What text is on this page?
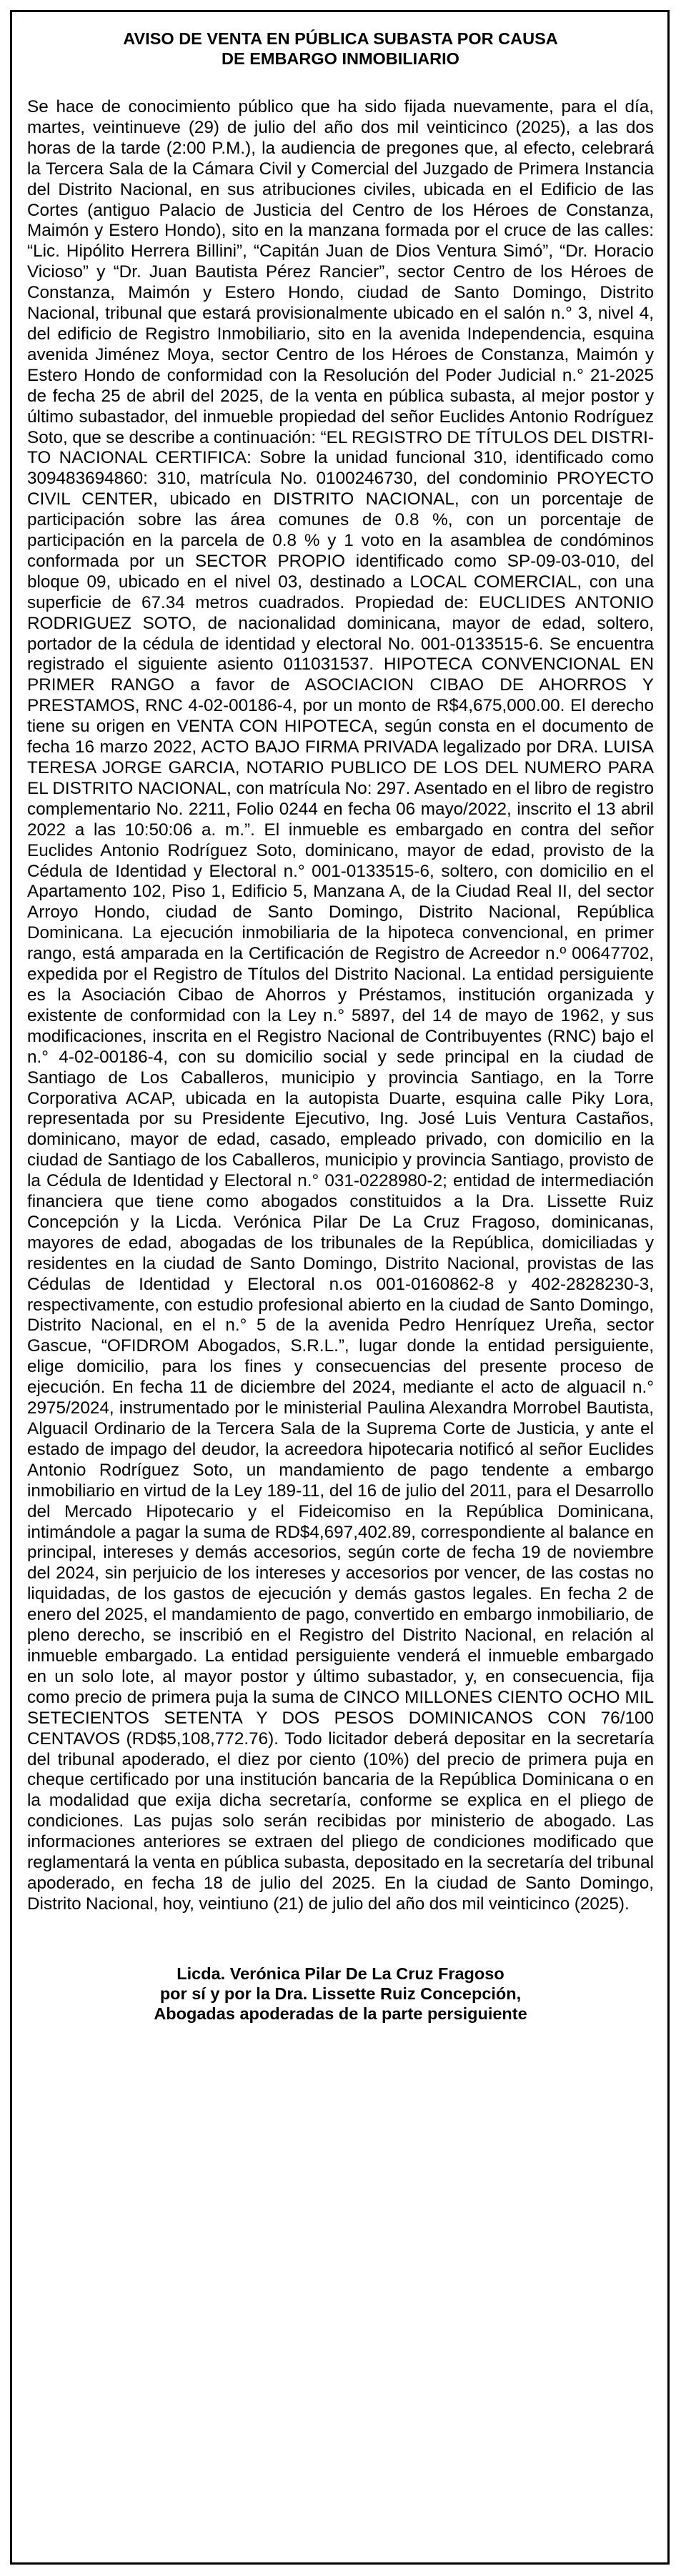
AVISO DE VENTA EN PÚBLICA SUBASTA POR CAUSA
DE EMBARGO INMOBILIARIO

Se hace de conocimiento público que ha sido fijada nuevamente, para el día, martes, veintinueve (29) de julio del año dos mil veinticinco (2025), a las dos horas de la tarde (2:00 P.M.), la audiencia de pregones que, al efecto, celebrará la Tercera Sala de la Cámara Civil y Comercial del Juzgado de Primera Instancia del Distrito Nacional, en sus atribuciones civiles, ubicada en el Edificio de las Cortes (antiguo Palacio de Justicia del Centro de los Héroes de Constanza, Maimón y Estero Hondo), sito en la manzana formada por el cruce de las calles: “Lic. Hipólito Herrera Billini”, “Capitán Juan de Dios Ventura Simó”, “Dr. Horacio Vicioso” y “Dr. Juan Bautista Pérez Rancier”, sector Centro de los Héroes de Constanza, Maimón y Estero Hondo, ciudad de Santo Domingo, Distrito Nacional, tribunal que estará provisionalmente ubicado en el salón n.° 3, nivel 4, del edificio de Registro Inmobiliario, sito en la avenida Independencia, esquina avenida Jiménez Moya, sector Centro de los Héroes de Constanza, Maimón y Estero Hondo de conformidad con la Resolución del Poder Judicial n.° 21-2025 de fecha 25 de abril del 2025, de la venta en pública subasta, al mejor postor y último subastador, del inmueble propiedad del señor Euclides Antonio Rodríguez Soto, que se describe a continuación: “EL REGISTRO DE TÍTULOS DEL DISTRITO NACIONAL CERTIFICA: Sobre la unidad funcional 310, identificado como 309483694860: 310, matrícula No. 0100246730, del condominio PROYECTO CIVIL CENTER, ubicado en DISTRITO NACIONAL, con un porcentaje de participación sobre las área comunes de 0.8 %, con un porcentaje de participación en la parcela de 0.8 % y 1 voto en la asamblea de condóminos conformada por un SECTOR PROPIO identificado como SP-09-03-010, del bloque 09, ubicado en el nivel 03, destinado a LOCAL COMERCIAL, con una superficie de 67.34 metros cuadrados. Propiedad de: EUCLIDES ANTONIO RODRIGUEZ SOTO, de nacionalidad dominicana, mayor de edad, soltero, portador de la cédula de identidad y electoral No. 001-0133515-6. Se encuentra registrado el siguiente asiento 011031537. HIPOTECA CONVENCIONAL EN PRIMER RANGO a favor de ASOCIACION CIBAO DE AHORROS Y PRESTAMOS, RNC 4-02-00186-4, por un monto de R$4,675,000.00. El derecho tiene su origen en VENTA CON HIPOTECA, según consta en el documento de fecha 16 marzo 2022, ACTO BAJO FIRMA PRIVADA legalizado por DRA. LUISA TERESA JORGE GARCIA, NOTARIO PUBLICO DE LOS DEL NUMERO PARA EL DISTRITO NACIONAL, con matrícula No: 297. Asentado en el libro de registro complementario No. 2211, Folio 0244 en fecha 06 mayo/2022, inscrito el 13 abril 2022 a las 10:50:06 a. m.”. El inmueble es embargado en contra del señor Euclides Antonio Rodríguez Soto, dominicano, mayor de edad, provisto de la Cédula de Identidad y Electoral n.° 001-0133515-6, soltero, con domicilio en el Apartamento 102, Piso 1, Edificio 5, Manzana A, de la Ciudad Real II, del sector Arroyo Hondo, ciudad de Santo Domingo, Distrito Nacional, República Dominicana. La ejecución inmobiliaria de la hipoteca convencional, en primer rango, está amparada en la Certificación de Registro de Acreedor n.º 00647702, expedida por el Registro de Títulos del Distrito Nacional. La entidad persiguiente es la Asociación Cibao de Ahorros y Préstamos, institución organizada y existente de conformidad con la Ley n.° 5897, del 14 de mayo de 1962, y sus modificaciones, inscrita en el Registro Nacional de Contribuyentes (RNC) bajo el n.° 4-02-00186-4, con su domicilio social y sede principal en la ciudad de Santiago de Los Caballeros, municipio y provincia Santiago, en la Torre Corporativa ACAP, ubicada en la autopista Duarte, esquina calle Piky Lora, representada por su Presidente Ejecutivo, Ing. José Luis Ventura Castaños, dominicano, mayor de edad, casado, empleado privado, con domicilio en la ciudad de Santiago de los Caballeros, municipio y provincia Santiago, provisto de la Cédula de Identidad y Electoral n.° 031-0228980-2; entidad de intermediación financiera que tiene como abogados constituidos a la Dra. Lissette Ruiz Concepción y la Licda. Verónica Pilar De La Cruz Fragoso, dominicanas, mayores de edad, abogadas de los tribunales de la República, domiciliadas y residentes en la ciudad de Santo Domingo, Distrito Nacional, provistas de las Cédulas de Identidad y Electoral n.os 001-0160862-8 y 402-2828230-3, respectivamente, con estudio profesional abierto en la ciudad de Santo Domingo, Distrito Nacional, en el n.° 5 de la avenida Pedro Henríquez Ureña, sector Gascue, “OFIDROM Abogados, S.R.L.”, lugar donde la entidad persiguiente, elige domicilio, para los fines y consecuencias del presente proceso de ejecución. En fecha 11 de diciembre del 2024, mediante el acto de alguacil n.° 2975/2024, instrumentado por le ministerial Paulina Alexandra Morrobel Bautista, Alguacil Ordinario de la Tercera Sala de la Suprema Corte de Justicia, y ante el estado de impago del deudor, la acreedora hipotecaria notificó al señor Euclides Antonio Rodríguez Soto, un mandamiento de pago tendente a embargo inmobiliario en virtud de la Ley 189-11, del 16 de julio del 2011, para el Desarrollo del Mercado Hipotecario y el Fideicomiso en la República Dominicana, intimándole a pagar la suma de RD$4,697,402.89, correspondiente al balance en principal, intereses y demás accesorios, según corte de fecha 19 de noviembre del 2024, sin perjuicio de los intereses y accesorios por vencer, de las costas no liquidadas, de los gastos de ejecución y demás gastos legales. En fecha 2 de enero del 2025, el mandamiento de pago, convertido en embargo inmobiliario, de pleno derecho, se inscribió en el Registro del Distrito Nacional, en relación al inmueble embargado. La entidad persiguiente venderá el inmueble embargado en un solo lote, al mayor postor y último subastador, y, en consecuencia, fija como precio de primera puja la suma de CINCO MILLONES CIENTO OCHO MIL SETECIENTOS SETENTA Y DOS PESOS DOMINICANOS CON 76/100 CENTAVOS (RD$5,108,772.76). Todo licitador deberá depositar en la secretaría del tribunal apoderado, el diez por ciento (10%) del precio de primera puja en cheque certificado por una institución bancaria de la República Dominicana o en la modalidad que exija dicha secretaría, conforme se explica en el pliego de condiciones. Las pujas solo serán recibidas por ministerio de abogado. Las informaciones anteriores se extraen del pliego de condiciones modificado que reglamentará la venta en pública subasta, depositado en la secretaría del tribunal apoderado, en fecha 18 de julio del 2025. En la ciudad de Santo Domingo, Distrito Nacional, hoy, veintiuno (21) de julio del año dos mil veinticinco (2025).

Licda. Verónica Pilar De La Cruz Fragoso
por sí y por la Dra. Lissette Ruiz Concepción,
Abogadas apoderadas de la parte persiguiente
